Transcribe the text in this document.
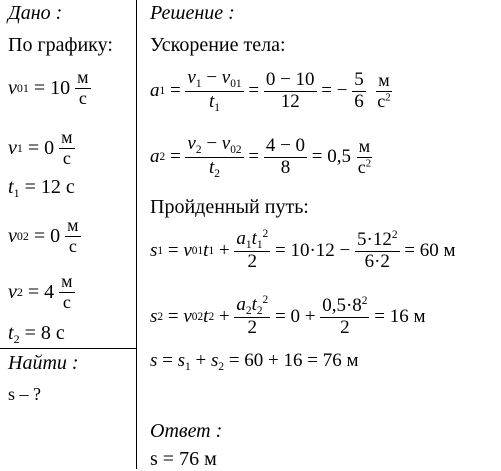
Дано :
По графику:
v 01 = 10
$\frac{м}{с}$
v 1 = 0
$\frac{м}{с}$
$t_1 = 12$ с
v 02 = 0
$\frac{м}{с}$
v 2 = 4
$\frac{м}{с}$
$t_2 = 8$ с
Найти :
s – ?
Решение :
Ускорение тела:
a $1 = \frac{v_1 - v_{01}}{t_1} = \frac{0 - 10}{12}$ = − $\frac{5}{6}$
$\frac{м}{с^2}$
a $2 = \frac{v_2 - v_{02}}{t_2} = \frac{4 - 0}{8} = 0,5$
$\frac{м}{с^2}$
Пройденный путь:
s 1 = v 01 t $1 + \frac{a_1t_1^2}{2} = 10\cdot 12$ −
$\frac{5\cdot 12^2}{6\cdot 2} = 60$ м
s 2 = v 02 t $2 + \frac{a_2t_2^2}{2} = 0$ +
$\frac{0,5\cdot 8^2}{2} = 16$ м
$s = s_1 + s_2 = 60 + 16 = 76$ м
Ответ :
s = 76 м
